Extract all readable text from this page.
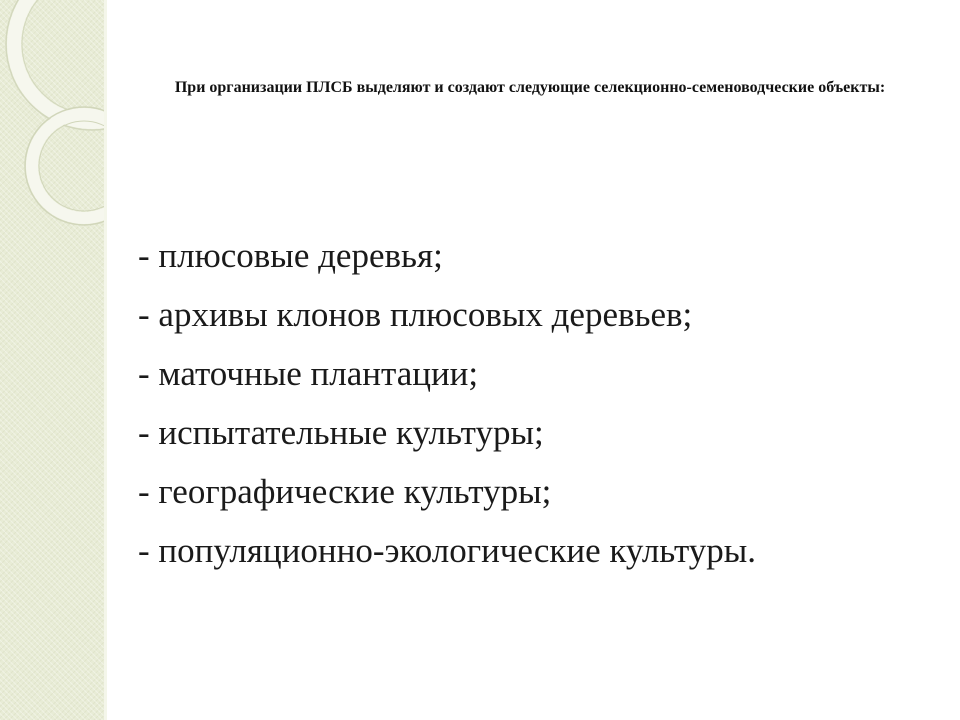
При организации ПЛСБ выделяют и создают следующие селекционно-семеноводческие объекты:
- плюсовые деревья;
- архивы клонов плюсовых деревьев;
- маточные плантации;
- испытательные культуры;
- географические культуры;
- популяционно-экологические культуры.
